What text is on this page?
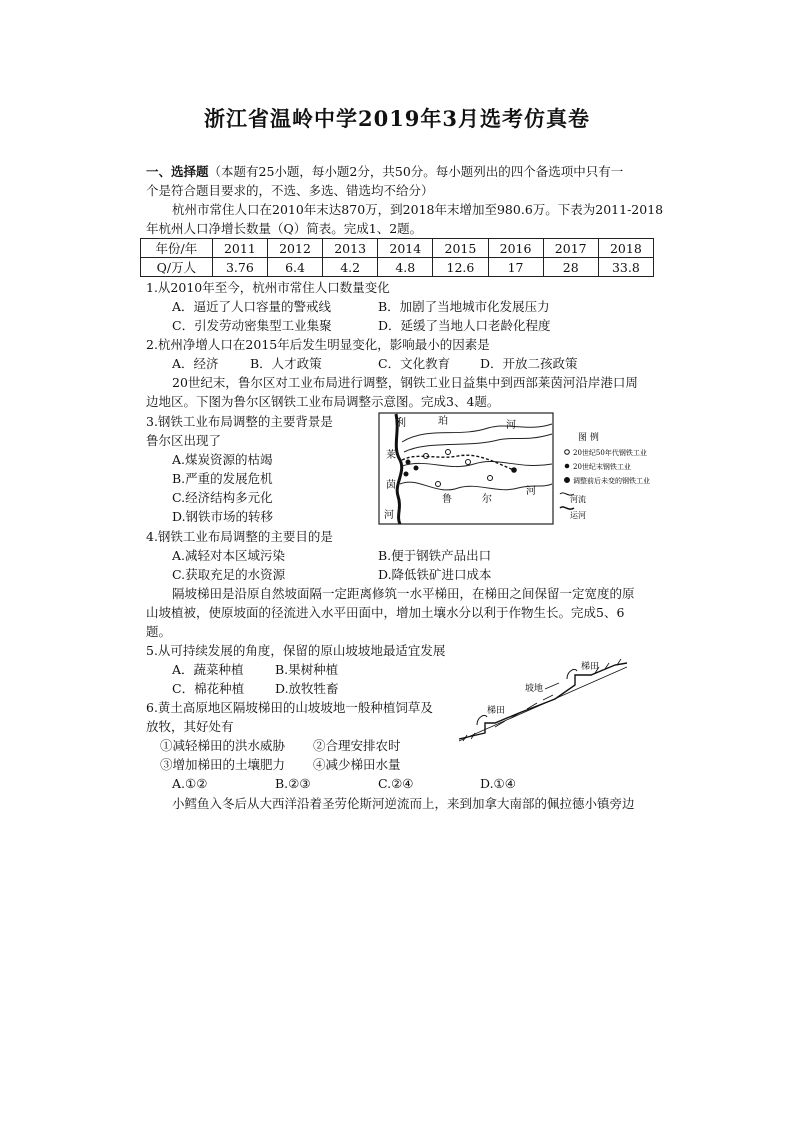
浙江省温岭中学2019年3月选考仿真卷
一、选择题（本题有25小题，每小题2分，共50分。每小题列出的四个备选项中只有一
个是符合题目要求的，不选、多选、错选均不给分）
杭州市常住人口在2010年末达870万，到2018年末增加至980.6万。下表为2011-2018
年杭州人口净增长数量（Q）简表。完成1、2题。
年份/年	2011	2012	2013	2014	2015	2016	2017	2018
Q/万人	3.76	6.4	4.2	4.8	12.6	17	28	33.8
1.从2010年至今，杭州市常住人口数量变化
A．逼近了人口容量的警戒线	B．加剧了当地城市化发展压力
C．引发劳动密集型工业集聚	D．延缓了当地人口老龄化程度
2.杭州净增人口在2015年后发生明显变化，影响最小的因素是
A．经济	B．人才政策	C．文化教育 D．开放二孩政策
20世纪末，鲁尔区对工业布局进行调整，钢铁工业日益集中到西部莱茵河沿岸港口周
边地区。下图为鲁尔区钢铁工业布局调整示意图。完成3、4题。
3.钢铁工业布局调整的主要背景是
鲁尔区出现了
A.煤炭资源的枯竭
B.严重的发展危机
C.经济结构多元化
D.钢铁市场的转移
利	珀	河
莱
茵
河
鲁	尔
河
图 例
20世纪50年代钢铁工业
20世纪末钢铁工业
调整前后未变的钢铁工业
河流
运河
4.钢铁工业布局调整的主要目的是
A.减轻对本区域污染	B.便于钢铁产品出口
C.获取充足的水资源	D.降低铁矿进口成本
隔坡梯田是沿原自然坡面隔一定距离修筑一水平梯田，在梯田之间保留一定宽度的原
山坡植被，使原坡面的径流进入水平田面中，增加土壤水分以利于作物生长。完成5、6
题。
5.从可持续发展的角度，保留的原山坡坡地最适宜发展
A．蔬菜种植	B.果树种植
C．棉花种植 D.放牧牲畜
梯田
坡地
梯田
6.黄土高原地区隔坡梯田的山坡坡地一般种植饲草及
放牧，其好处有
①减轻梯田的洪水威胁 ②合理安排农时
③增加梯田的土壤肥力 ④减少梯田水量
A.①②	B.②③	C.②④	D.①④
小鳕鱼入冬后从大西洋沿着圣劳伦斯河逆流而上，来到加拿大南部的佩拉德小镇旁边
